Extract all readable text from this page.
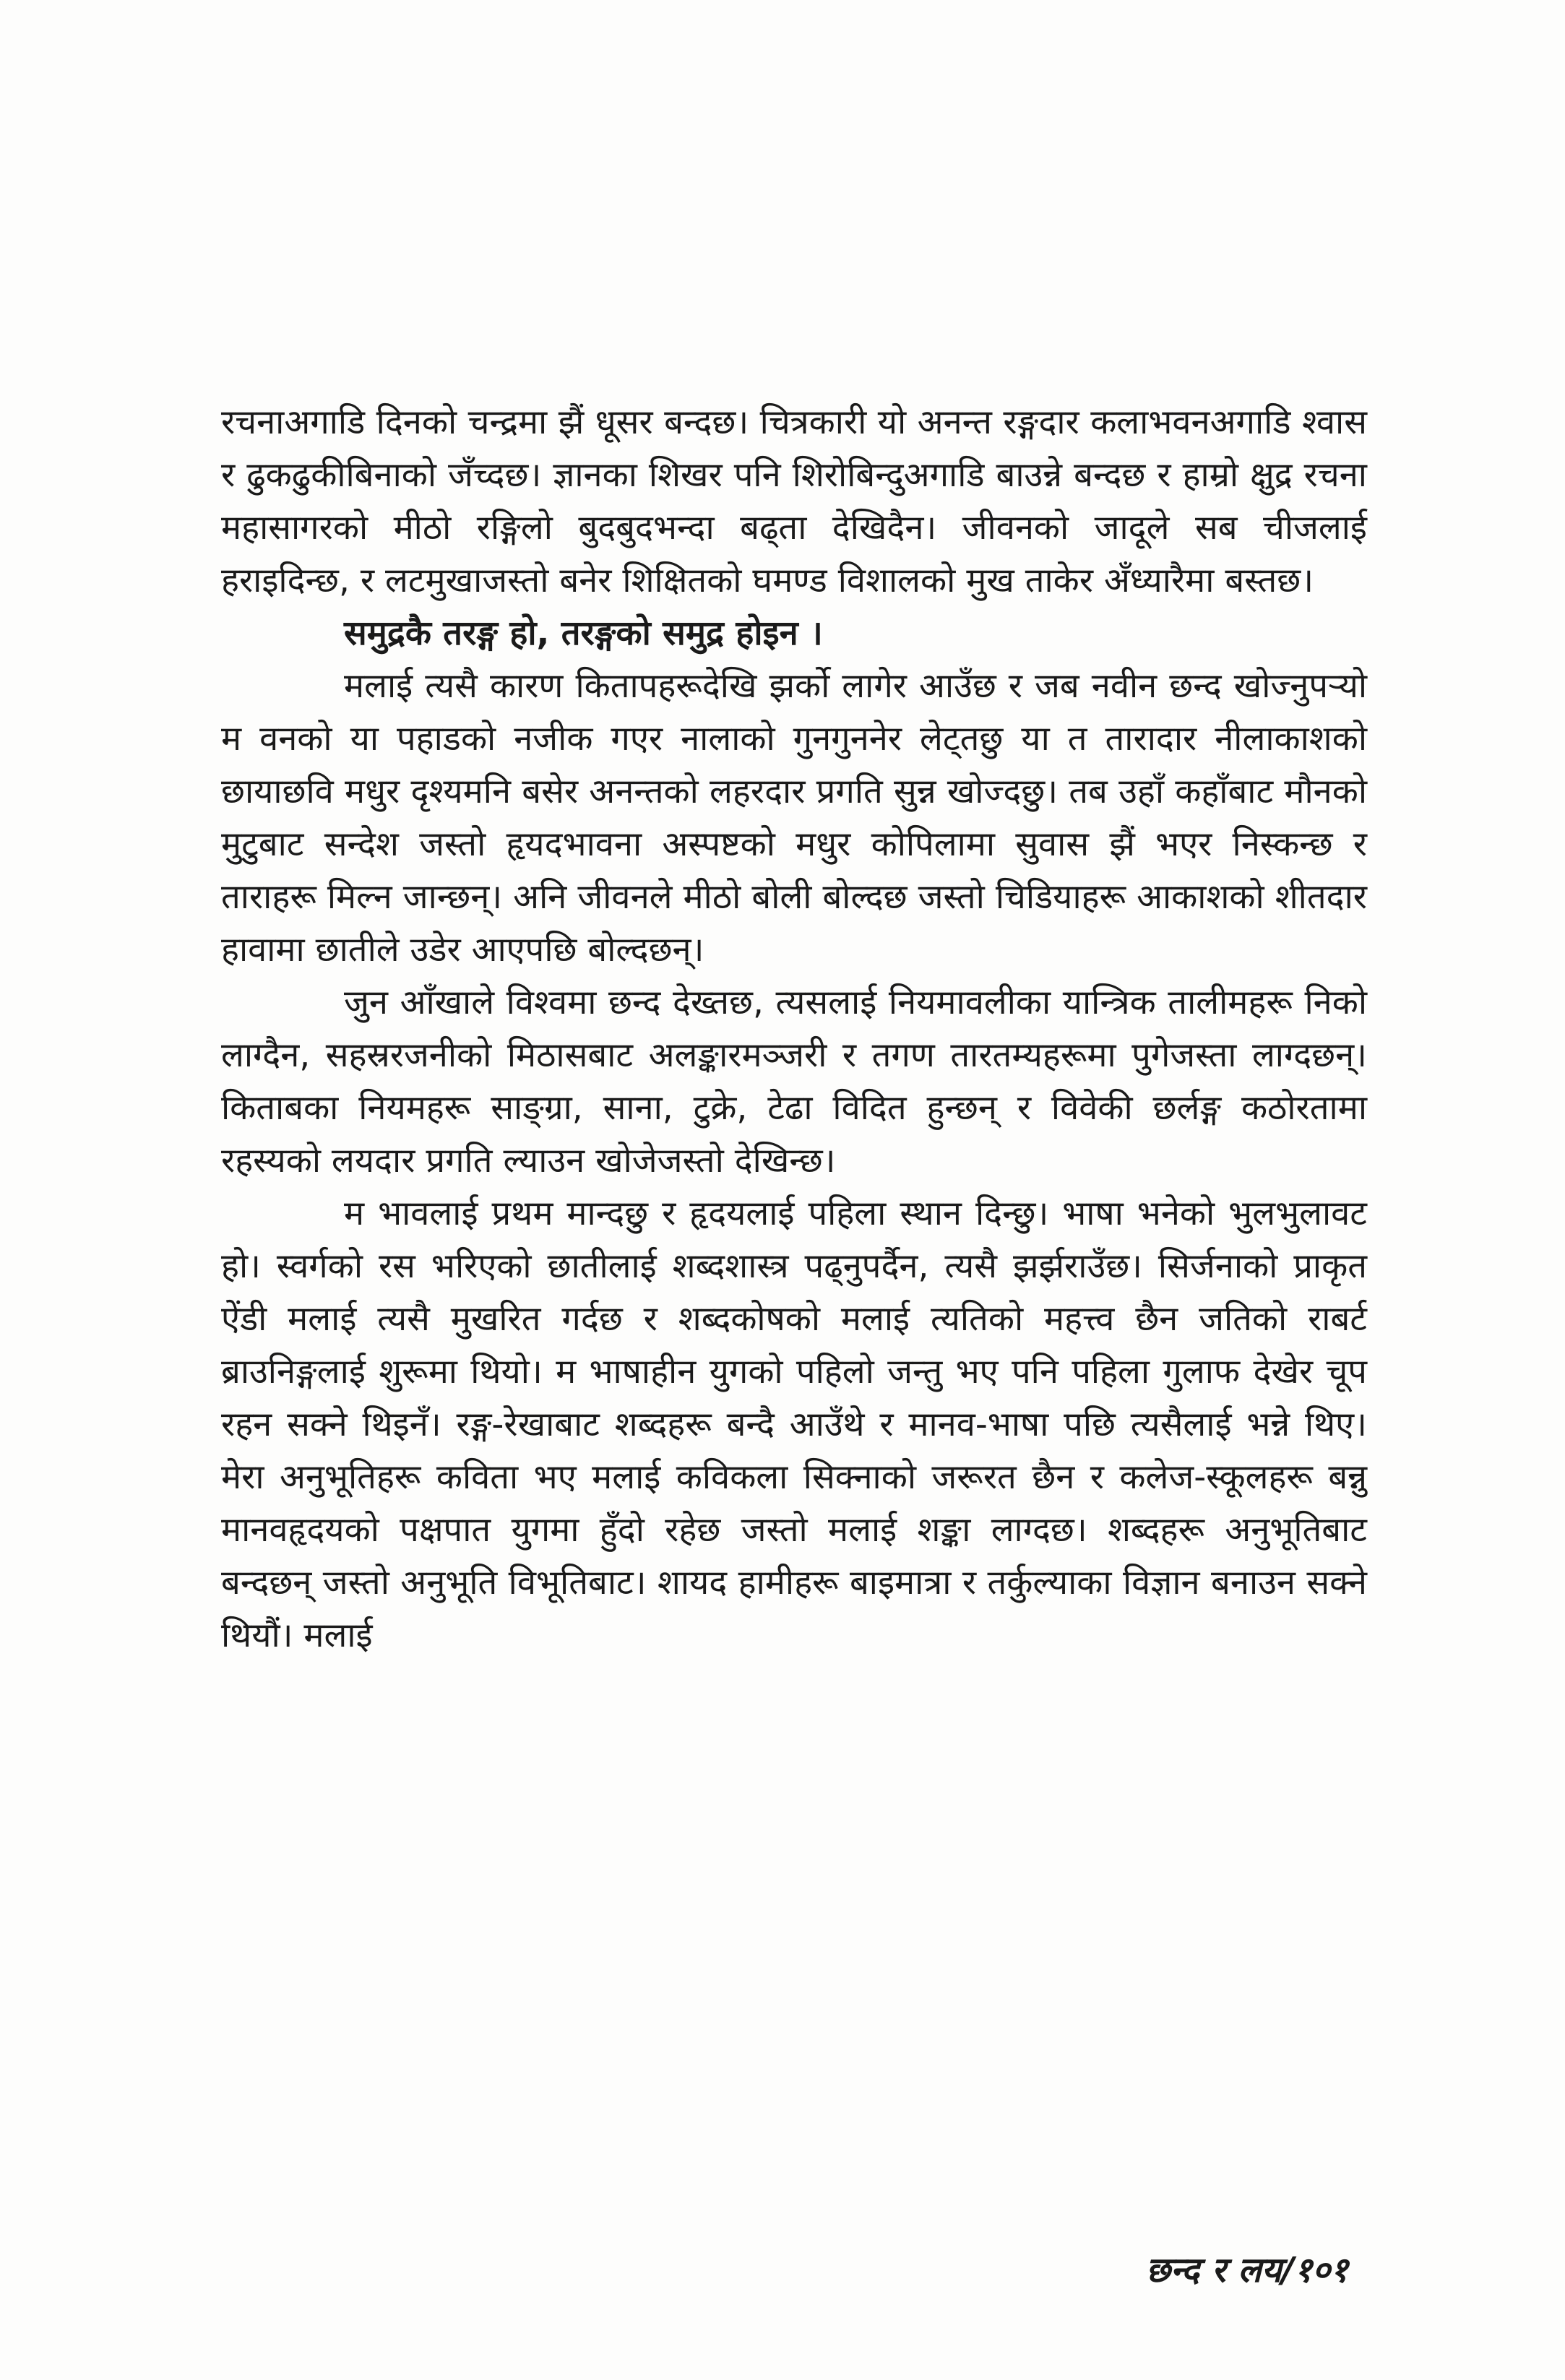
रचनाअगाडि दिनको चन्द्रमा झैं धूसर बन्दछ। चित्रकारी यो अनन्त रङ्गदार कलाभवनअगाडि श्वास र ढुकढुकीबिनाको जँच्दछ। ज्ञानका शिखर पनि शिरोबिन्दुअगाडि बाउन्ने बन्दछ र हाम्रो क्षुद्र रचना महासागरको मीठो रङ्गिलो बुदबुदभन्दा बढ्ता देखिदैन। जीवनको जादूले सब चीजलाई हराइदिन्छ, र लटमुखाजस्तो बनेर शिक्षितको घमण्ड विशालको मुख ताकेर अँध्यारैमा बस्तछ।

समुद्रकै तरङ्ग हो, तरङ्गको समुद्र होइन ।

मलाई त्यसै कारण कितापहरूदेखि झर्को लागेर आउँछ र जब नवीन छन्द खोज्नुपर्‍यो म वनको या पहाडको नजीक गएर नालाको गुनगुननेर लेट्तछु या त तारादार नीलाकाशको छायाछवि मधुर दृश्यमनि बसेर अनन्तको लहरदार प्रगति सुन्न खोज्दछु। तब उहाँ कहाँबाट मौनको मुटुबाट सन्देश जस्तो हृयदभावना अस्पष्टको मधुर कोपिलामा सुवास झैं भएर निस्कन्छ र ताराहरू मिल्न जान्छन्। अनि जीवनले मीठो बोली बोल्दछ जस्तो चिडियाहरू आकाशको शीतदार हावामा छातीले उडेर आएपछि बोल्दछन्।

जुन आँखाले विश्वमा छन्द देख्तछ, त्यसलाई नियमावलीका यान्त्रिक तालीमहरू निको लाग्दैन, सहस्ररजनीको मिठासबाट अलङ्कारमञ्जरी र तगण तारतम्यहरूमा पुगेजस्ता लाग्दछन्। किताबका नियमहरू साङ्ग्रा, साना, टुक्रे, टेढा विदित हुन्छन् र विवेकी छर्लङ्ग कठोरतामा रहस्यको लयदार प्रगति ल्याउन खोजेजस्तो देखिन्छ।

म भावलाई प्रथम मान्दछु र हृदयलाई पहिला स्थान दिन्छु। भाषा भनेको भुलभुलावट हो। स्वर्गको रस भरिएको छातीलाई शब्दशास्त्र पढ्नुपर्दैन, त्यसै झर्झराउँछ। सिर्जनाको प्राकृत ऐंडी मलाई त्यसै मुखरित गर्दछ र शब्दकोषको मलाई त्यतिको महत्त्व छैन जतिको राबर्ट ब्राउनिङ्गलाई शुरूमा थियो। म भाषाहीन युगको पहिलो जन्तु भए पनि पहिला गुलाफ देखेर चूप रहन सक्ने थिइनँ। रङ्ग-रेखाबाट शब्दहरू बन्दै आउँथे र मानव-भाषा पछि त्यसैलाई भन्ने थिए। मेरा अनुभूतिहरू कविता भए मलाई कविकला सिक्नाको जरूरत छैन र कलेज-स्कूलहरू बन्नु मानवहृदयको पक्षपात युगमा हुँदो रहेछ जस्तो मलाई शङ्का लाग्दछ। शब्दहरू अनुभूतिबाट बन्दछन् जस्तो अनुभूति विभूतिबाट। शायद हामीहरू बाइमात्रा र तर्कुल्याका विज्ञान बनाउन सक्ने थियौं। मलाई

छन्द र लय/१०१
